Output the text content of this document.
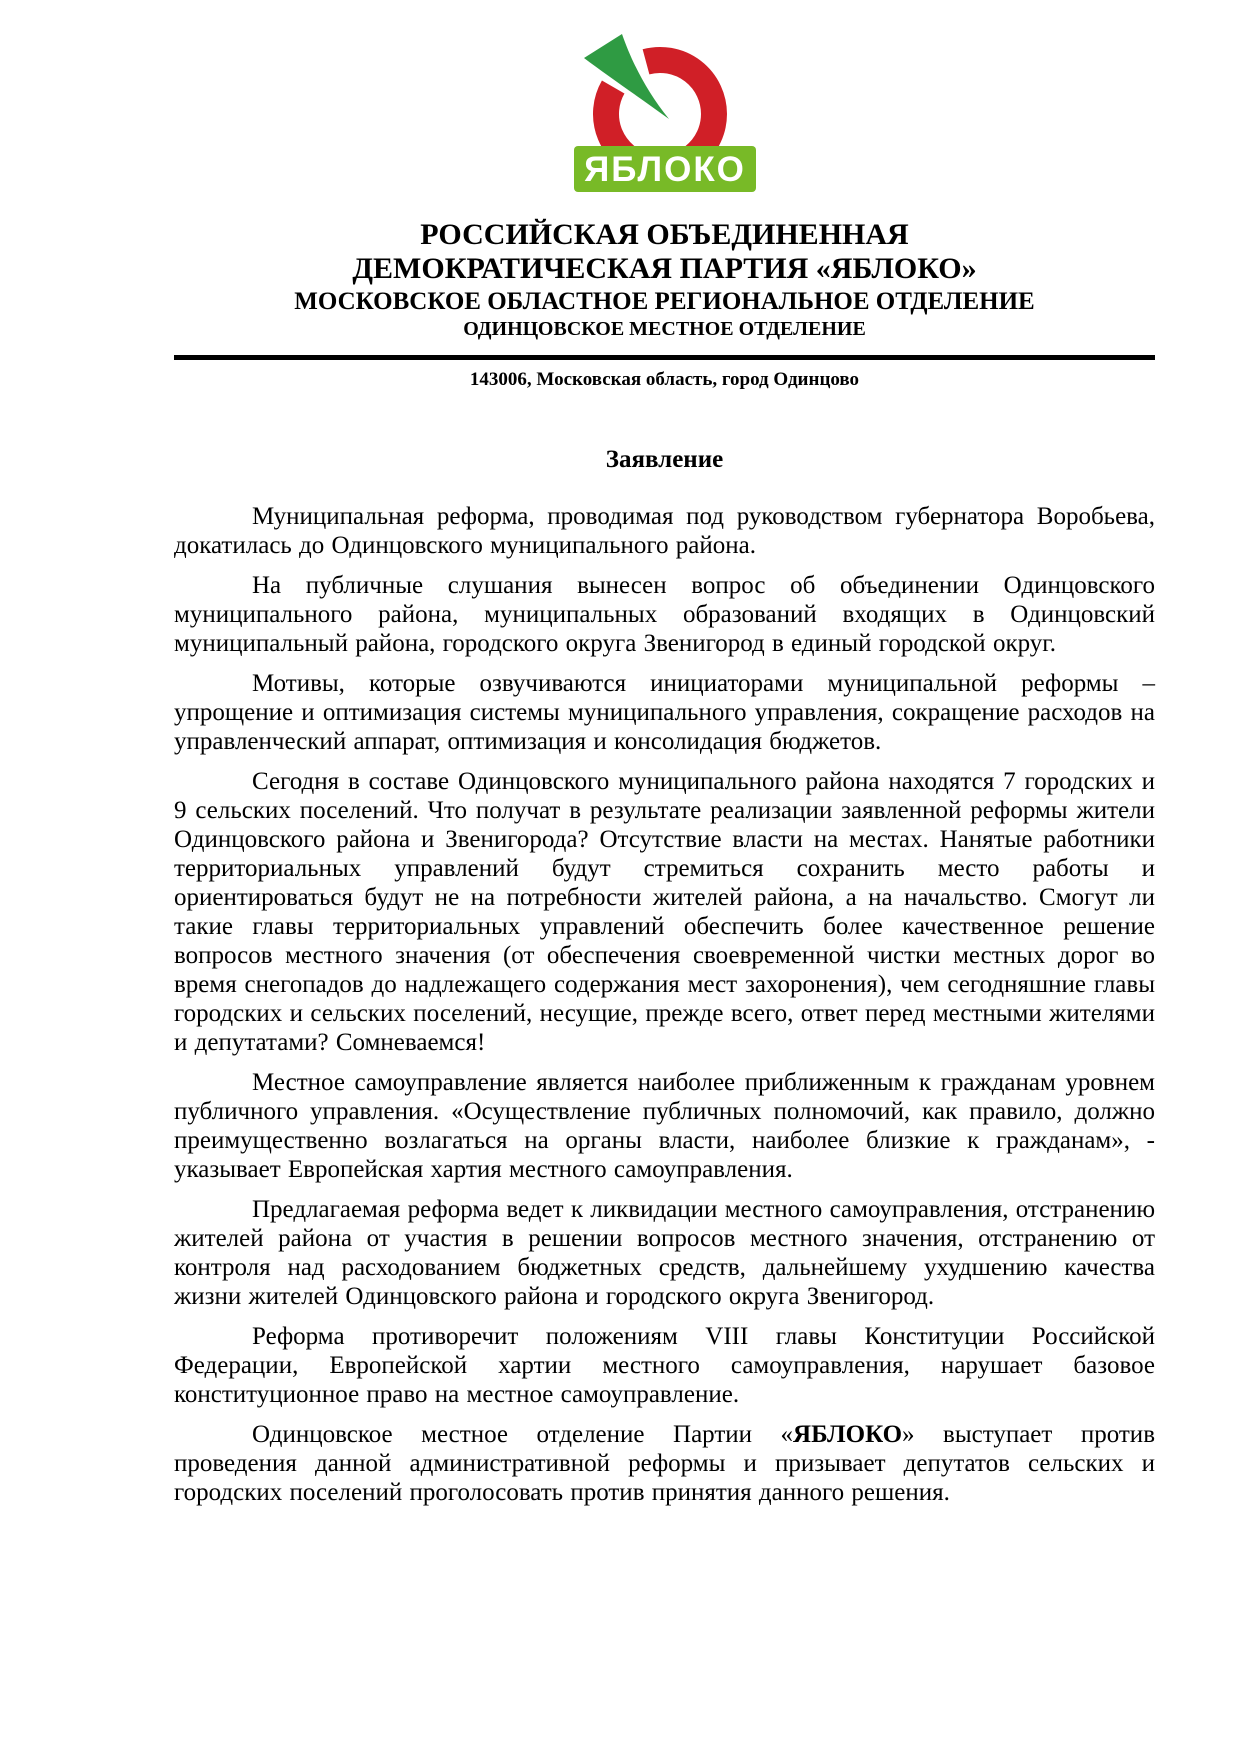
ЯБЛОКО
РОССИЙСКАЯ ОБЪЕДИНЕННАЯ
ДЕМОКРАТИЧЕСКАЯ ПАРТИЯ «ЯБЛОКО»
МОСКОВСКОЕ ОБЛАСТНОЕ РЕГИОНАЛЬНОЕ ОТДЕЛЕНИЕ
ОДИНЦОВСКОЕ МЕСТНОЕ ОТДЕЛЕНИЕ
143006, Московская область, город Одинцово
Заявление

Муниципальная реформа, проводимая под руководством губернатора Воробьева, докатилась до Одинцовского муниципального района.

На публичные слушания вынесен вопрос об объединении Одинцовского муниципального района, муниципальных образований входящих в Одинцовский муниципальный района, городского округа Звенигород в единый городской округ.

Мотивы, которые озвучиваются инициаторами муниципальной реформы – упрощение и оптимизация системы муниципального управления, сокращение расходов на управленческий аппарат, оптимизация и консолидация бюджетов.

Сегодня в составе Одинцовского муниципального района находятся 7 городских и 9 сельских поселений. Что получат в результате реализации заявленной реформы жители Одинцовского района и Звенигорода? Отсутствие власти на местах. Нанятые работники территориальных управлений будут стремиться сохранить место работы и ориентироваться будут не на потребности жителей района, а на начальство. Смогут ли такие главы территориальных управлений обеспечить более качественное решение вопросов местного значения (от обеспечения своевременной чистки местных дорог во время снегопадов до надлежащего содержания мест захоронения), чем сегодняшние главы городских и сельских поселений, несущие, прежде всего, ответ перед местными жителями и депутатами? Сомневаемся!

Местное самоуправление является наиболее приближенным к гражданам уровнем публичного управления. «Осуществление публичных полномочий, как правило, должно преимущественно возлагаться на органы власти, наиболее близкие к гражданам», - указывает Европейская хартия местного самоуправления.

Предлагаемая реформа ведет к ликвидации местного самоуправления, отстранению жителей района от участия в решении вопросов местного значения, отстранению от контроля над расходованием бюджетных средств, дальнейшему ухудшению качества жизни жителей Одинцовского района и городского округа Звенигород.

Реформа противоречит положениям VIII главы Конституции Российской Федерации, Европейской хартии местного самоуправления, нарушает базовое конституционное право на местное самоуправление.

Одинцовское местное отделение Партии «ЯБЛОКО» выступает против проведения данной административной реформы и призывает депутатов сельских и городских поселений проголосовать против принятия данного решения.
